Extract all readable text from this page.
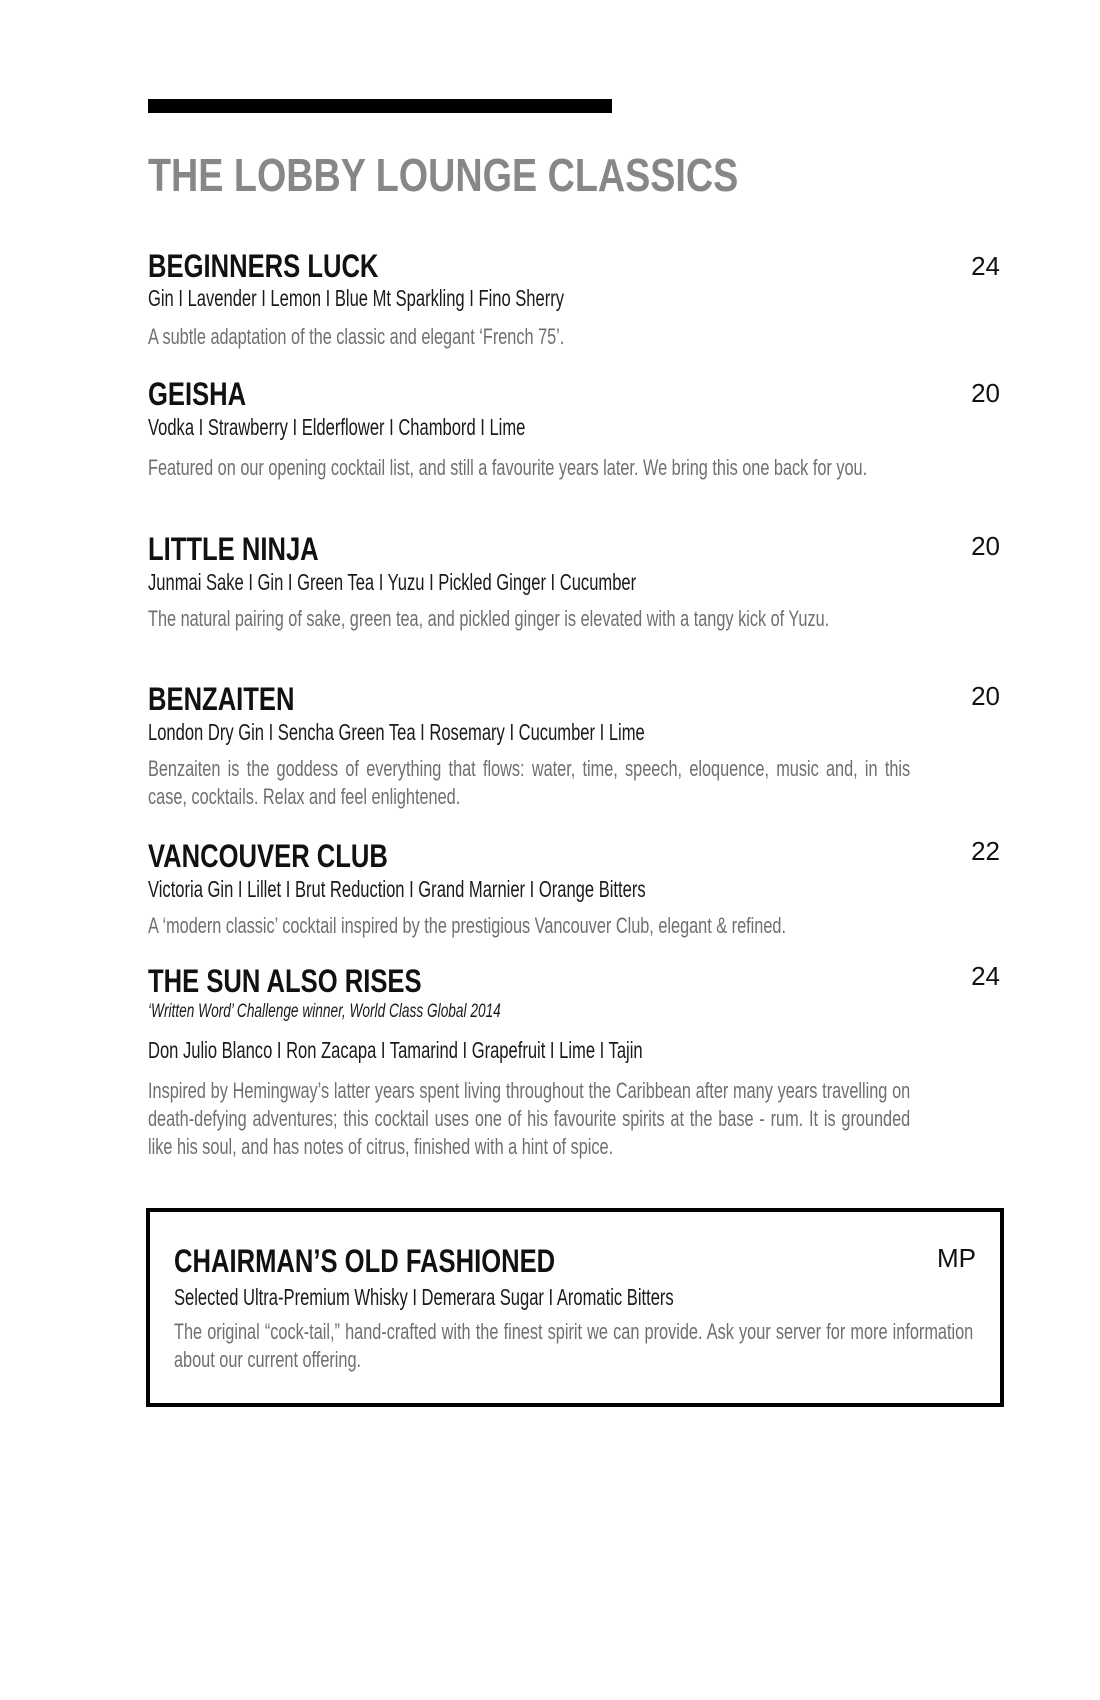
THE LOBBY LOUNGE CLASSICS
BEGINNERS LUCK	24
Gin I Lavender I Lemon I Blue Mt Sparkling I Fino Sherry
A subtle adaptation of the classic and elegant ‘French 75’.
GEISHA	20
Vodka I Strawberry I Elderflower I Chambord I Lime
Featured on our opening cocktail list, and still a favourite years later. We bring this one back for you.
LITTLE NINJA	20
Junmai Sake I Gin I Green Tea I Yuzu I Pickled Ginger I Cucumber
The natural pairing of sake, green tea, and pickled ginger is elevated with a tangy kick of Yuzu.
BENZAITEN	20
London Dry Gin I Sencha Green Tea I Rosemary I Cucumber I Lime
Benzaiten is the goddess of everything that flows: water, time, speech, eloquence, music and, in this case, cocktails. Relax and feel enlightened.
VANCOUVER CLUB	22
Victoria Gin I Lillet I Brut Reduction I Grand Marnier I Orange Bitters
A ‘modern classic’ cocktail inspired by the prestigious Vancouver Club, elegant & refined.
THE SUN ALSO RISES	24
‘Written Word’ Challenge winner, World Class Global 2014
Don Julio Blanco I Ron Zacapa I Tamarind I Grapefruit I Lime I Tajin
Inspired by Hemingway’s latter years spent living throughout the Caribbean after many years travelling on death-defying adventures; this cocktail uses one of his favourite spirits at the base - rum. It is grounded like his soul, and has notes of citrus, finished with a hint of spice.
CHAIRMAN’S OLD FASHIONED	MP
Selected Ultra-Premium Whisky I Demerara Sugar I Aromatic Bitters
The original “cock-tail,” hand-crafted with the finest spirit we can provide. Ask your server for more information about our current offering.
